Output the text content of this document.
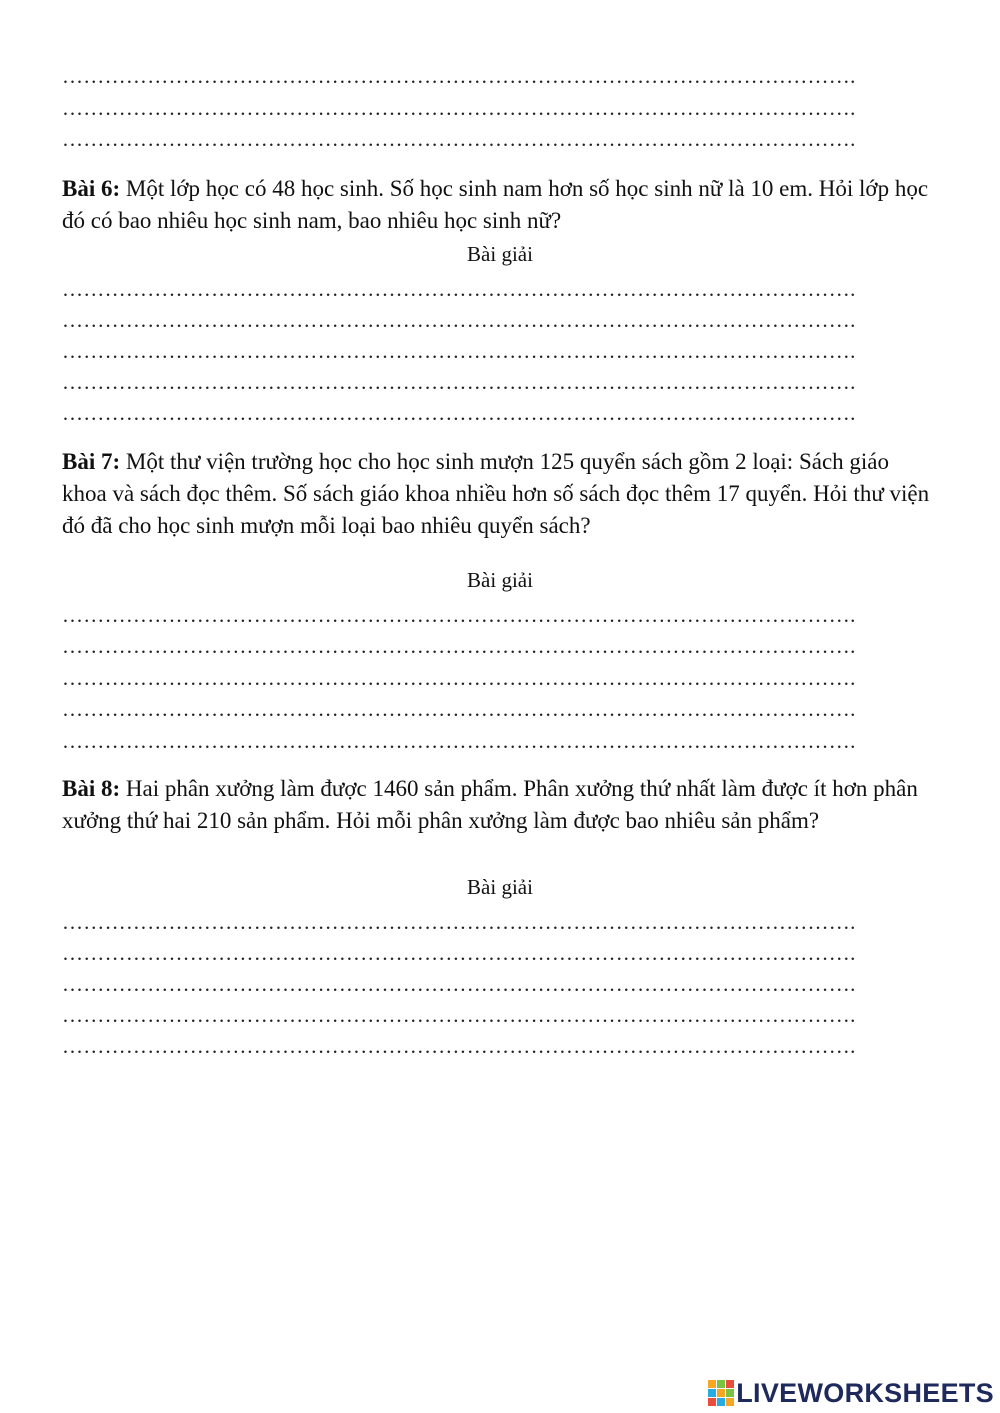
………………………………………………………………………………………………….
………………………………………………………………………………………………….
………………………………………………………………………………………………….

Bài 6: Một lớp học có 48 học sinh. Số học sinh nam hơn số học sinh nữ là 10 em. Hỏi lớp học đó có bao nhiêu học sinh nam, bao nhiêu học sinh nữ?

Bài giải
………………………………………………………………………………………………….
………………………………………………………………………………………………….
………………………………………………………………………………………………….
………………………………………………………………………………………………….
………………………………………………………………………………………………….

Bài 7: Một thư viện trường học cho học sinh mượn 125 quyển sách gồm 2 loại: Sách giáo khoa và sách đọc thêm. Số sách giáo khoa nhiều hơn số sách đọc thêm 17 quyển. Hỏi thư viện đó đã cho học sinh mượn mỗi loại bao nhiêu quyển sách?

Bài giải
………………………………………………………………………………………………….
………………………………………………………………………………………………….
………………………………………………………………………………………………….
………………………………………………………………………………………………….
………………………………………………………………………………………………….

Bài 8: Hai phân xưởng làm được 1460 sản phẩm. Phân xưởng thứ nhất làm được ít hơn phân xưởng thứ hai 210 sản phẩm. Hỏi mỗi phân xưởng làm được bao nhiêu sản phẩm?

Bài giải
………………………………………………………………………………………………….
………………………………………………………………………………………………….
………………………………………………………………………………………………….
………………………………………………………………………………………………….
………………………………………………………………………………………………….
LIVEWORKSHEETS
